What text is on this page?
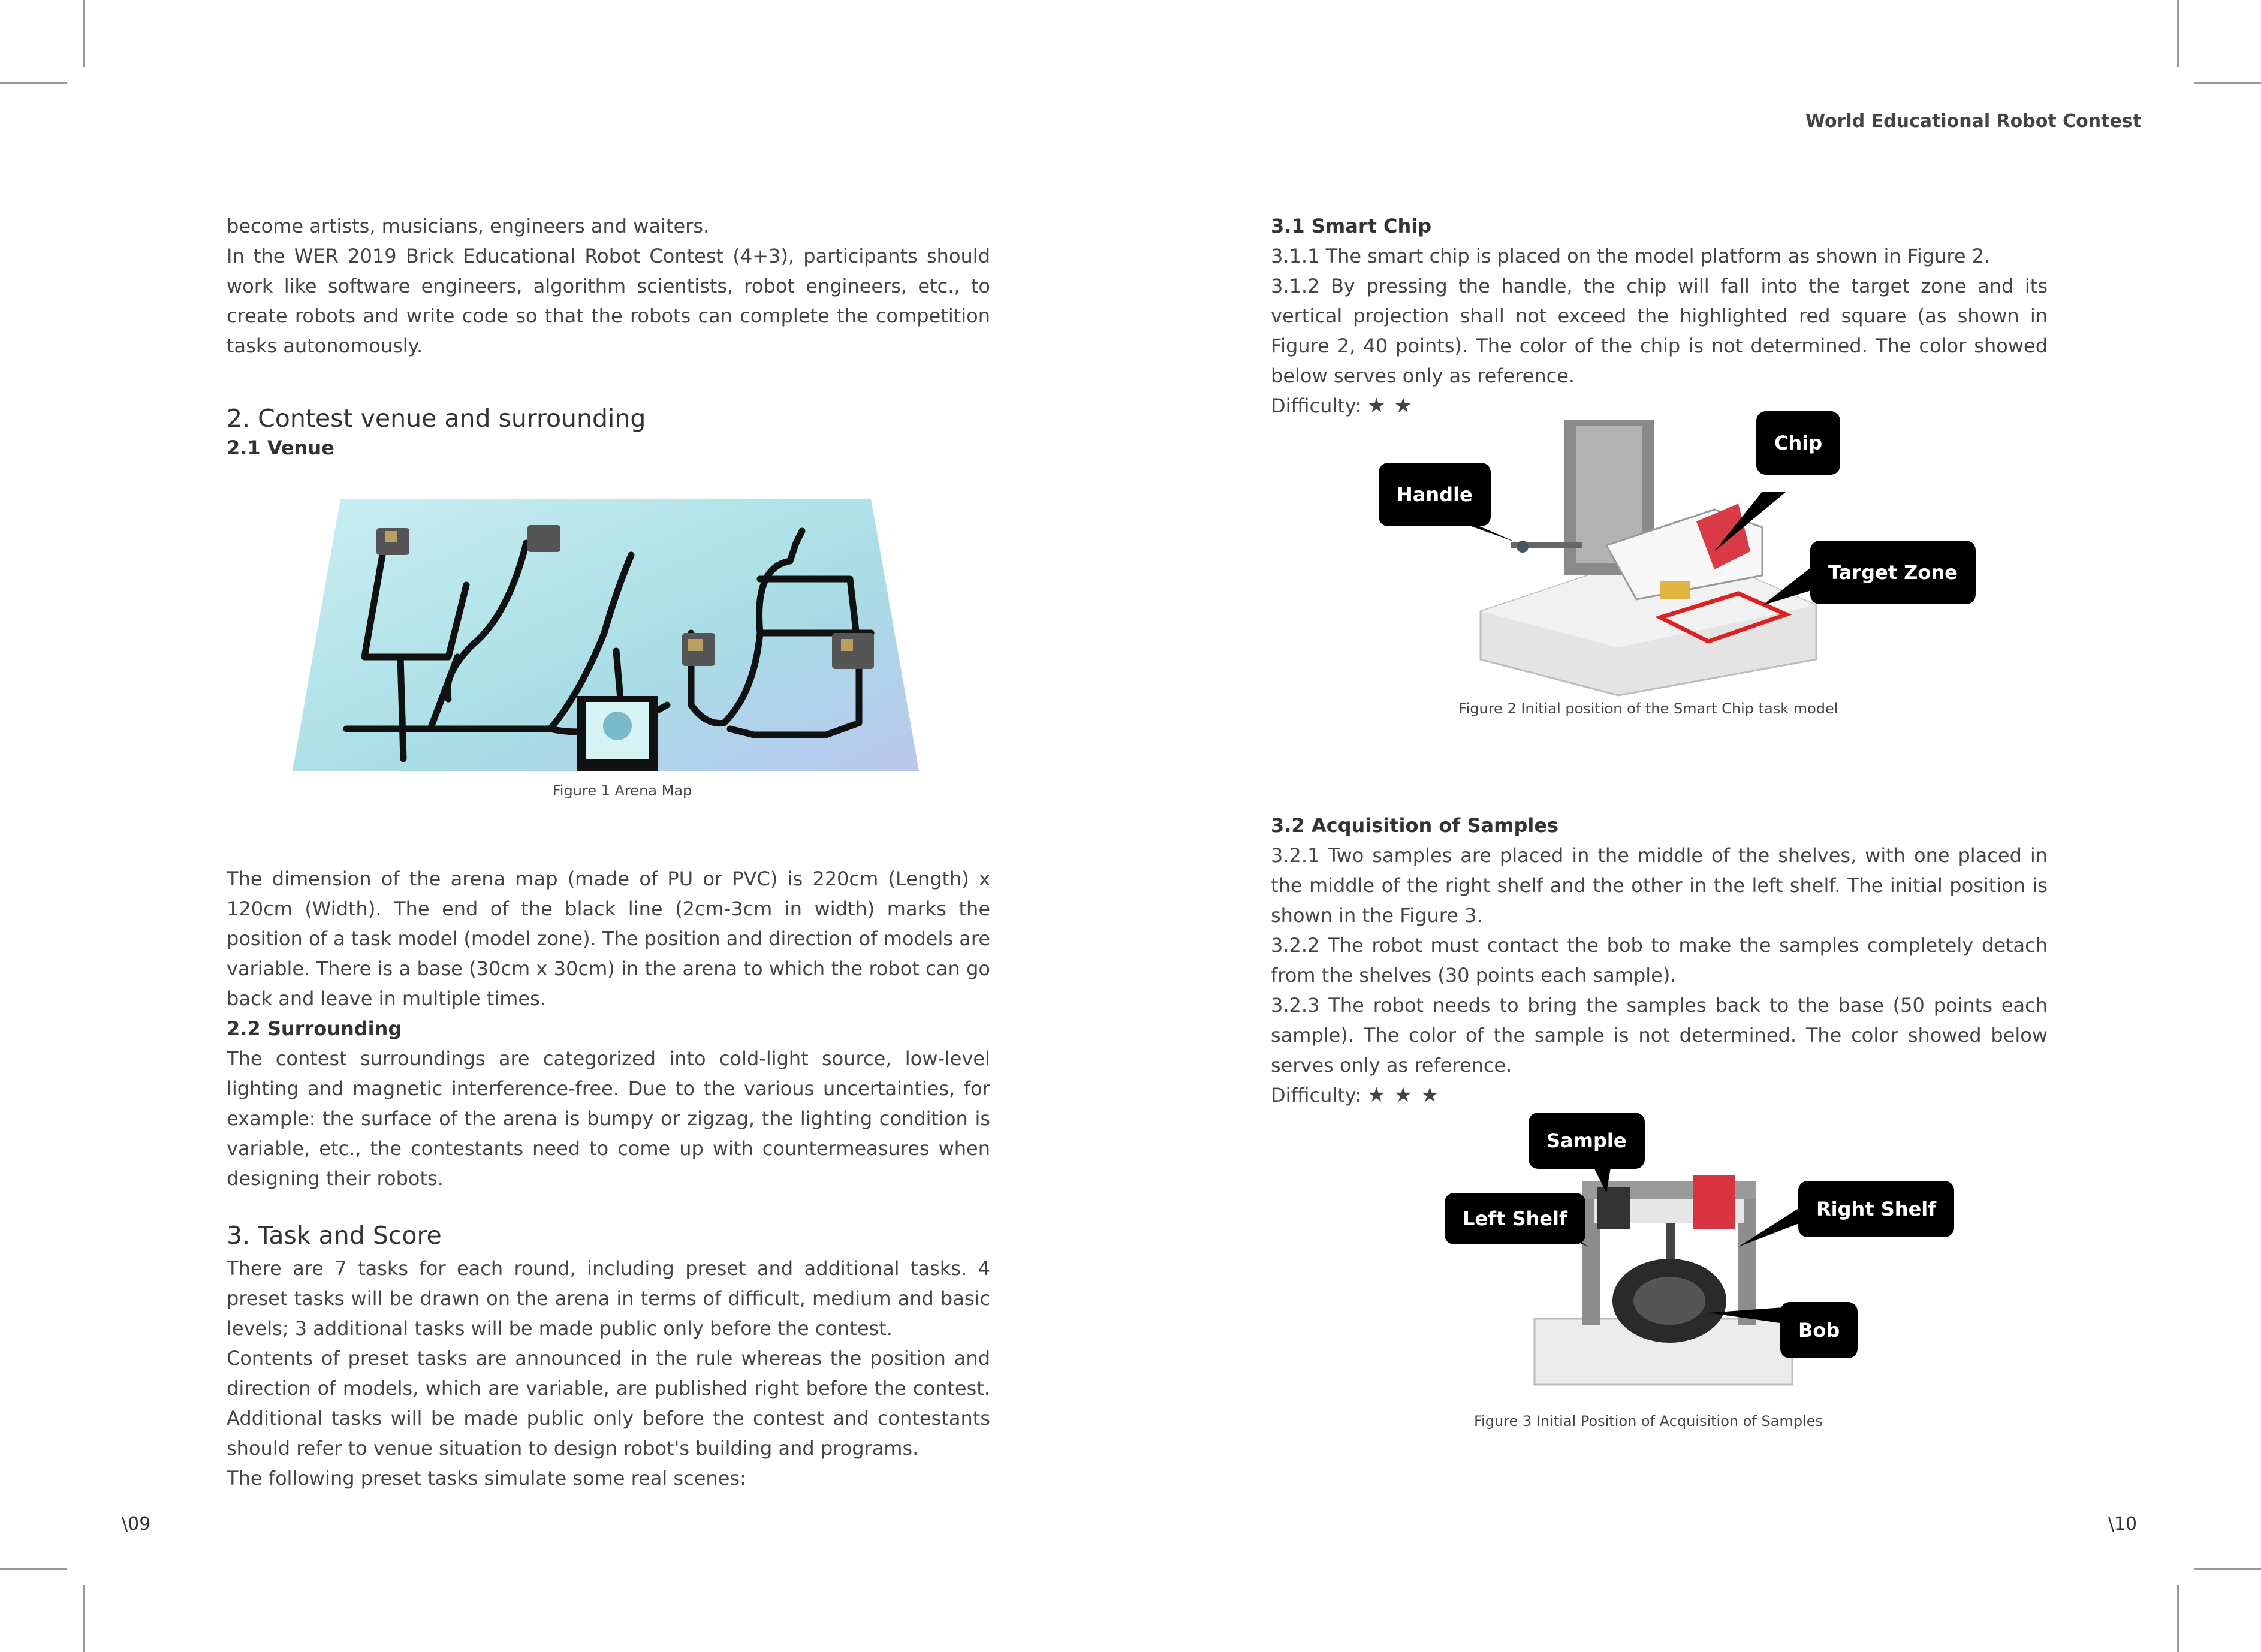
World Educational Robot Contest
\09	\10

become artists, musicians, engineers and waiters.

In the WER 2019 Brick Educational Robot Contest (4+3), participants should work like software engineers, algorithm scientists, robot engineers, etc., to create robots and write code so that the robots can complete the competition tasks autonomously.

2. Contest venue and surrounding
2.1 Venue
Figure 1 Arena Map

The dimension of the arena map (made of PU or PVC) is 220cm (Length) x 120cm (Width). The end of the black line (2cm-3cm in width) marks the position of a task model (model zone). The position and direction of models are variable. There is a base (30cm x 30cm) in the arena to which the robot can go back and leave in multiple times.

2.2 Surrounding

The contest surroundings are categorized into cold-light source, low-level lighting and magnetic interference-free. Due to the various uncertainties, for example: the surface of the arena is bumpy or zigzag, the lighting condition is variable, etc., the contestants need to come up with countermeasures when designing their robots.

3. Task and Score

There are 7 tasks for each round, including preset and additional tasks. 4 preset tasks will be drawn on the arena in terms of difficult, medium and basic levels; 3 additional tasks will be made public only before the contest.

Contents of preset tasks are announced in the rule whereas the position and direction of models, which are variable, are published right before the contest. Additional tasks will be made public only before the contest and contestants should refer to venue situation to design robot's building and programs.

The following preset tasks simulate some real scenes:

3.1 Smart Chip

3.1.1 The smart chip is placed on the model platform as shown in Figure 2.

3.1.2 By pressing the handle, the chip will fall into the target zone and its vertical projection shall not exceed the highlighted red square (as shown in Figure 2, 40 points). The color of the chip is not determined. The color showed below serves only as reference.

Difficulty: ★★
Handle
Chip
Target Zone
Figure 2 Initial position of the Smart Chip task model
3.2 Acquisition of Samples

3.2.1 Two samples are placed in the middle of the shelves, with one placed in the middle of the right shelf and the other in the left shelf. The initial position is shown in the Figure 3.

3.2.2 The robot must contact the bob to make the samples completely detach from the shelves (30 points each sample).

3.2.3 The robot needs to bring the samples back to the base (50 points each sample). The color of the sample is not determined. The color showed below serves only as reference.

Difficulty: ★★★
Sample
Left Shelf	Right Shelf
Bob
Figure 3 Initial Position of Acquisition of Samples
